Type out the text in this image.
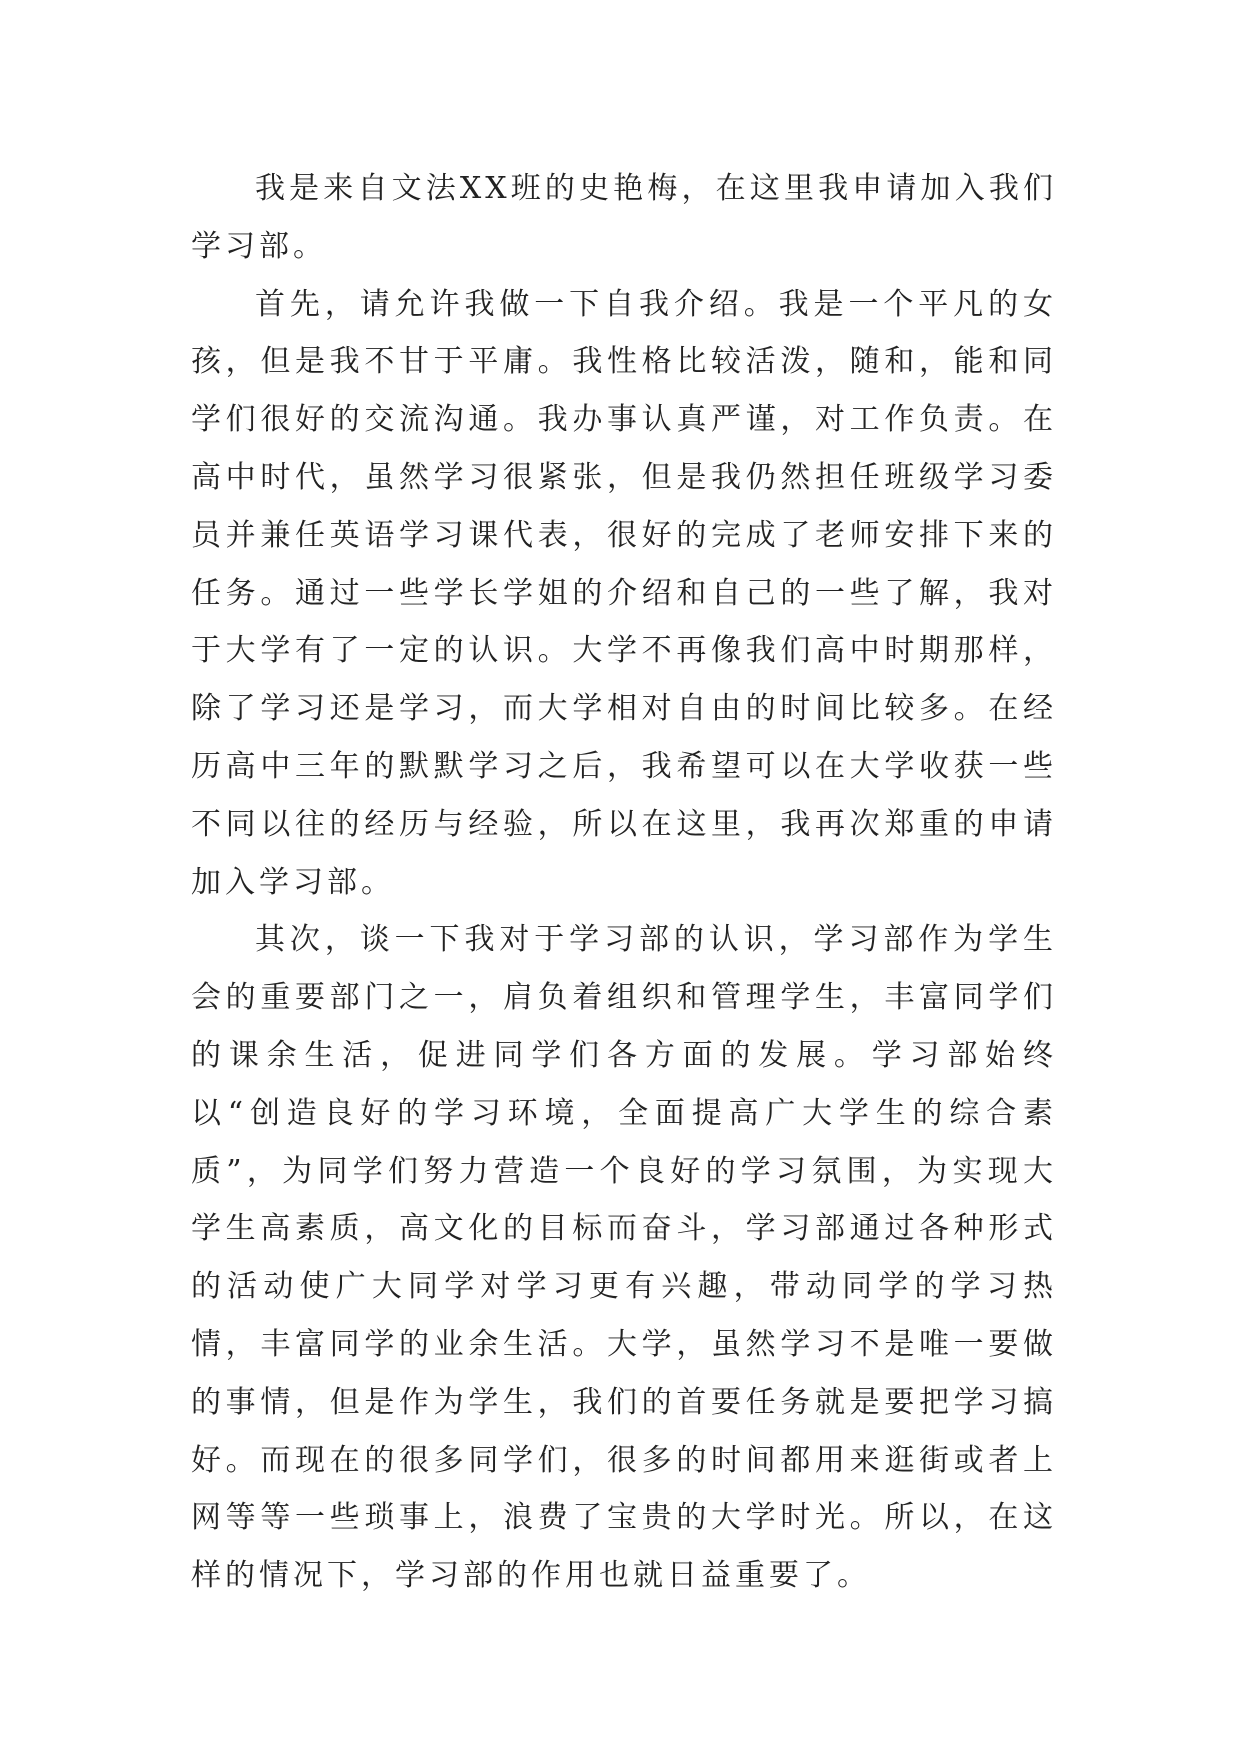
我是来自文法XX班的史艳梅，在这里我申请加入我们学习部。

首先，请允许我做一下自我介绍。我是一个平凡的女孩，但是我不甘于平庸。我性格比较活泼，随和，能和同学们很好的交流沟通。我办事认真严谨，对工作负责。在高中时代，虽然学习很紧张，但是我仍然担任班级学习委员并兼任英语学习课代表，很好的完成了老师安排下来的任务。通过一些学长学姐的介绍和自己的一些了解，我对于大学有了一定的认识。大学不再像我们高中时期那样，除了学习还是学习，而大学相对自由的时间比较多。在经历高中三年的默默学习之后，我希望可以在大学收获一些不同以往的经历与经验，所以在这里，我再次郑重的申请加入学习部。

其次，谈一下我对于学习部的认识，学习部作为学生会的重要部门之一，肩负着组织和管理学生，丰富同学们的课余生活，促进同学们各方面的发展。学习部始终以“创造良好的学习环境，全面提高广大学生的综合素质”，为同学们努力营造一个良好的学习氛围，为实现大学生高素质，高文化的目标而奋斗，学习部通过各种形式的活动使广大同学对学习更有兴趣，带动同学的学习热情，丰富同学的业余生活。大学，虽然学习不是唯一要做的事情，但是作为学生，我们的首要任务就是要把学习搞好。而现在的很多同学们，很多的时间都用来逛街或者上网等等一些琐事上，浪费了宝贵的大学时光。所以，在这样的情况下，学习部的作用也就日益重要了。
